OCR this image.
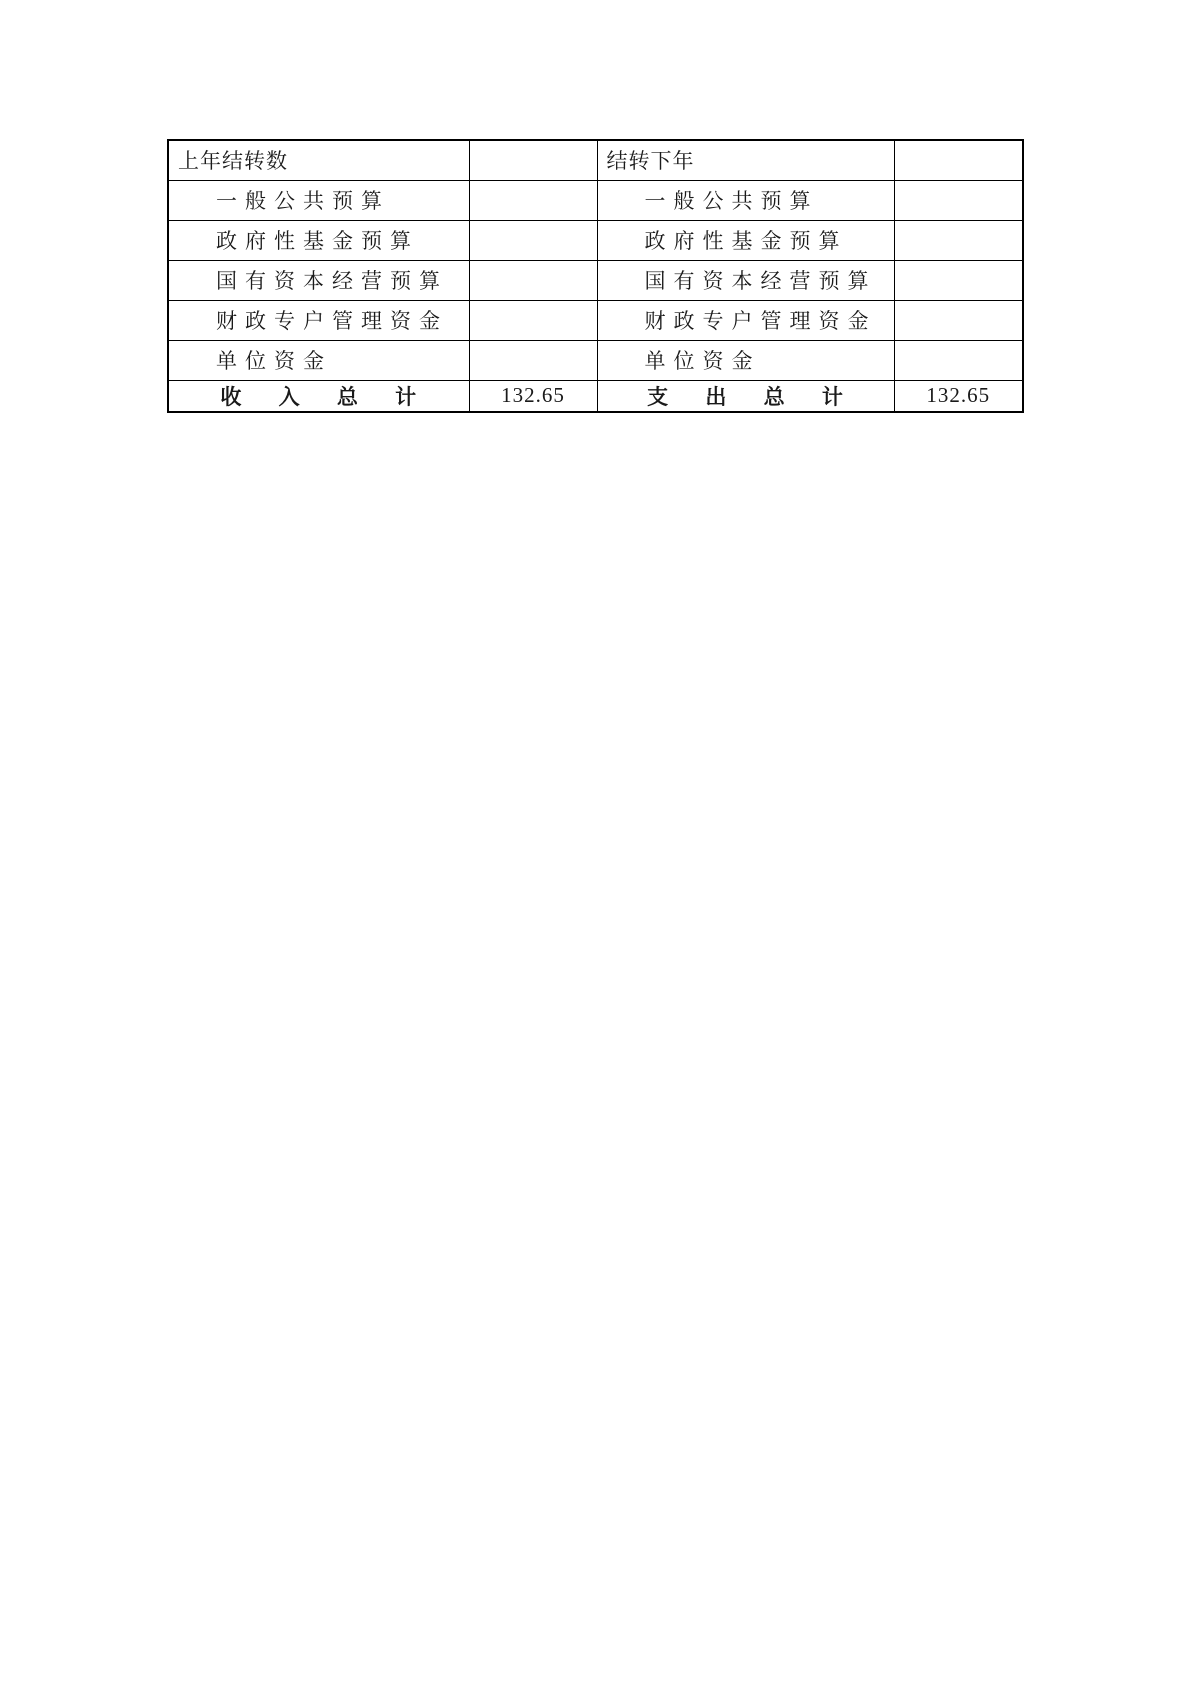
上年结转数		结转下年	
一般公共预算		一般公共预算	
政府性基金预算		政府性基金预算	
国有资本经营预算		国有资本经营预算	
财政专户管理资金		财政专户管理资金	
单位资金		单位资金	
收 入 总 计	132.65	支 出 总 计	132.65
